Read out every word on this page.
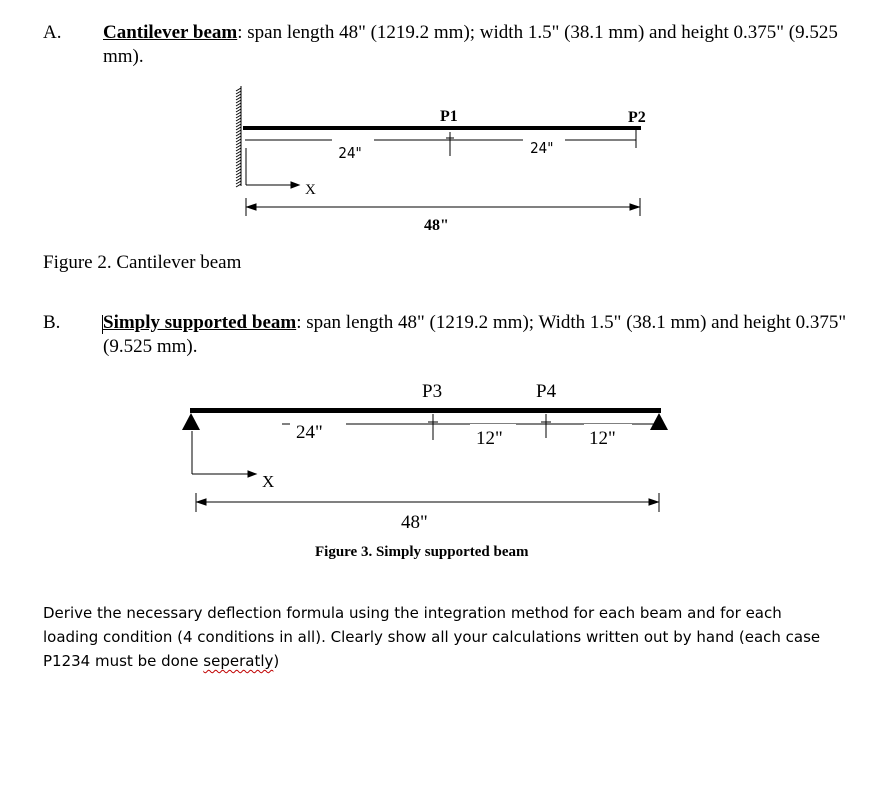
A. Cantilever beam: span length 48" (1219.2 mm); width 1.5" (38.1 mm) and height 0.375" (9.525 mm).

P1	P2
24"	24"
X
48"
Figure 2. Cantilever beam

B. Simply supported beam: span length 48" (1219.2 mm); Width 1.5" (38.1 mm) and height 0.375" (9.525 mm).

P3	P4
24"	12"	12"
X
48"
Figure 3. Simply supported beam
Derive the necessary deflection formula using the integration method for each beam and for each loading condition (4 conditions in all). Clearly show all your calculations written out by hand (each case P1234 must be done seperatly)
